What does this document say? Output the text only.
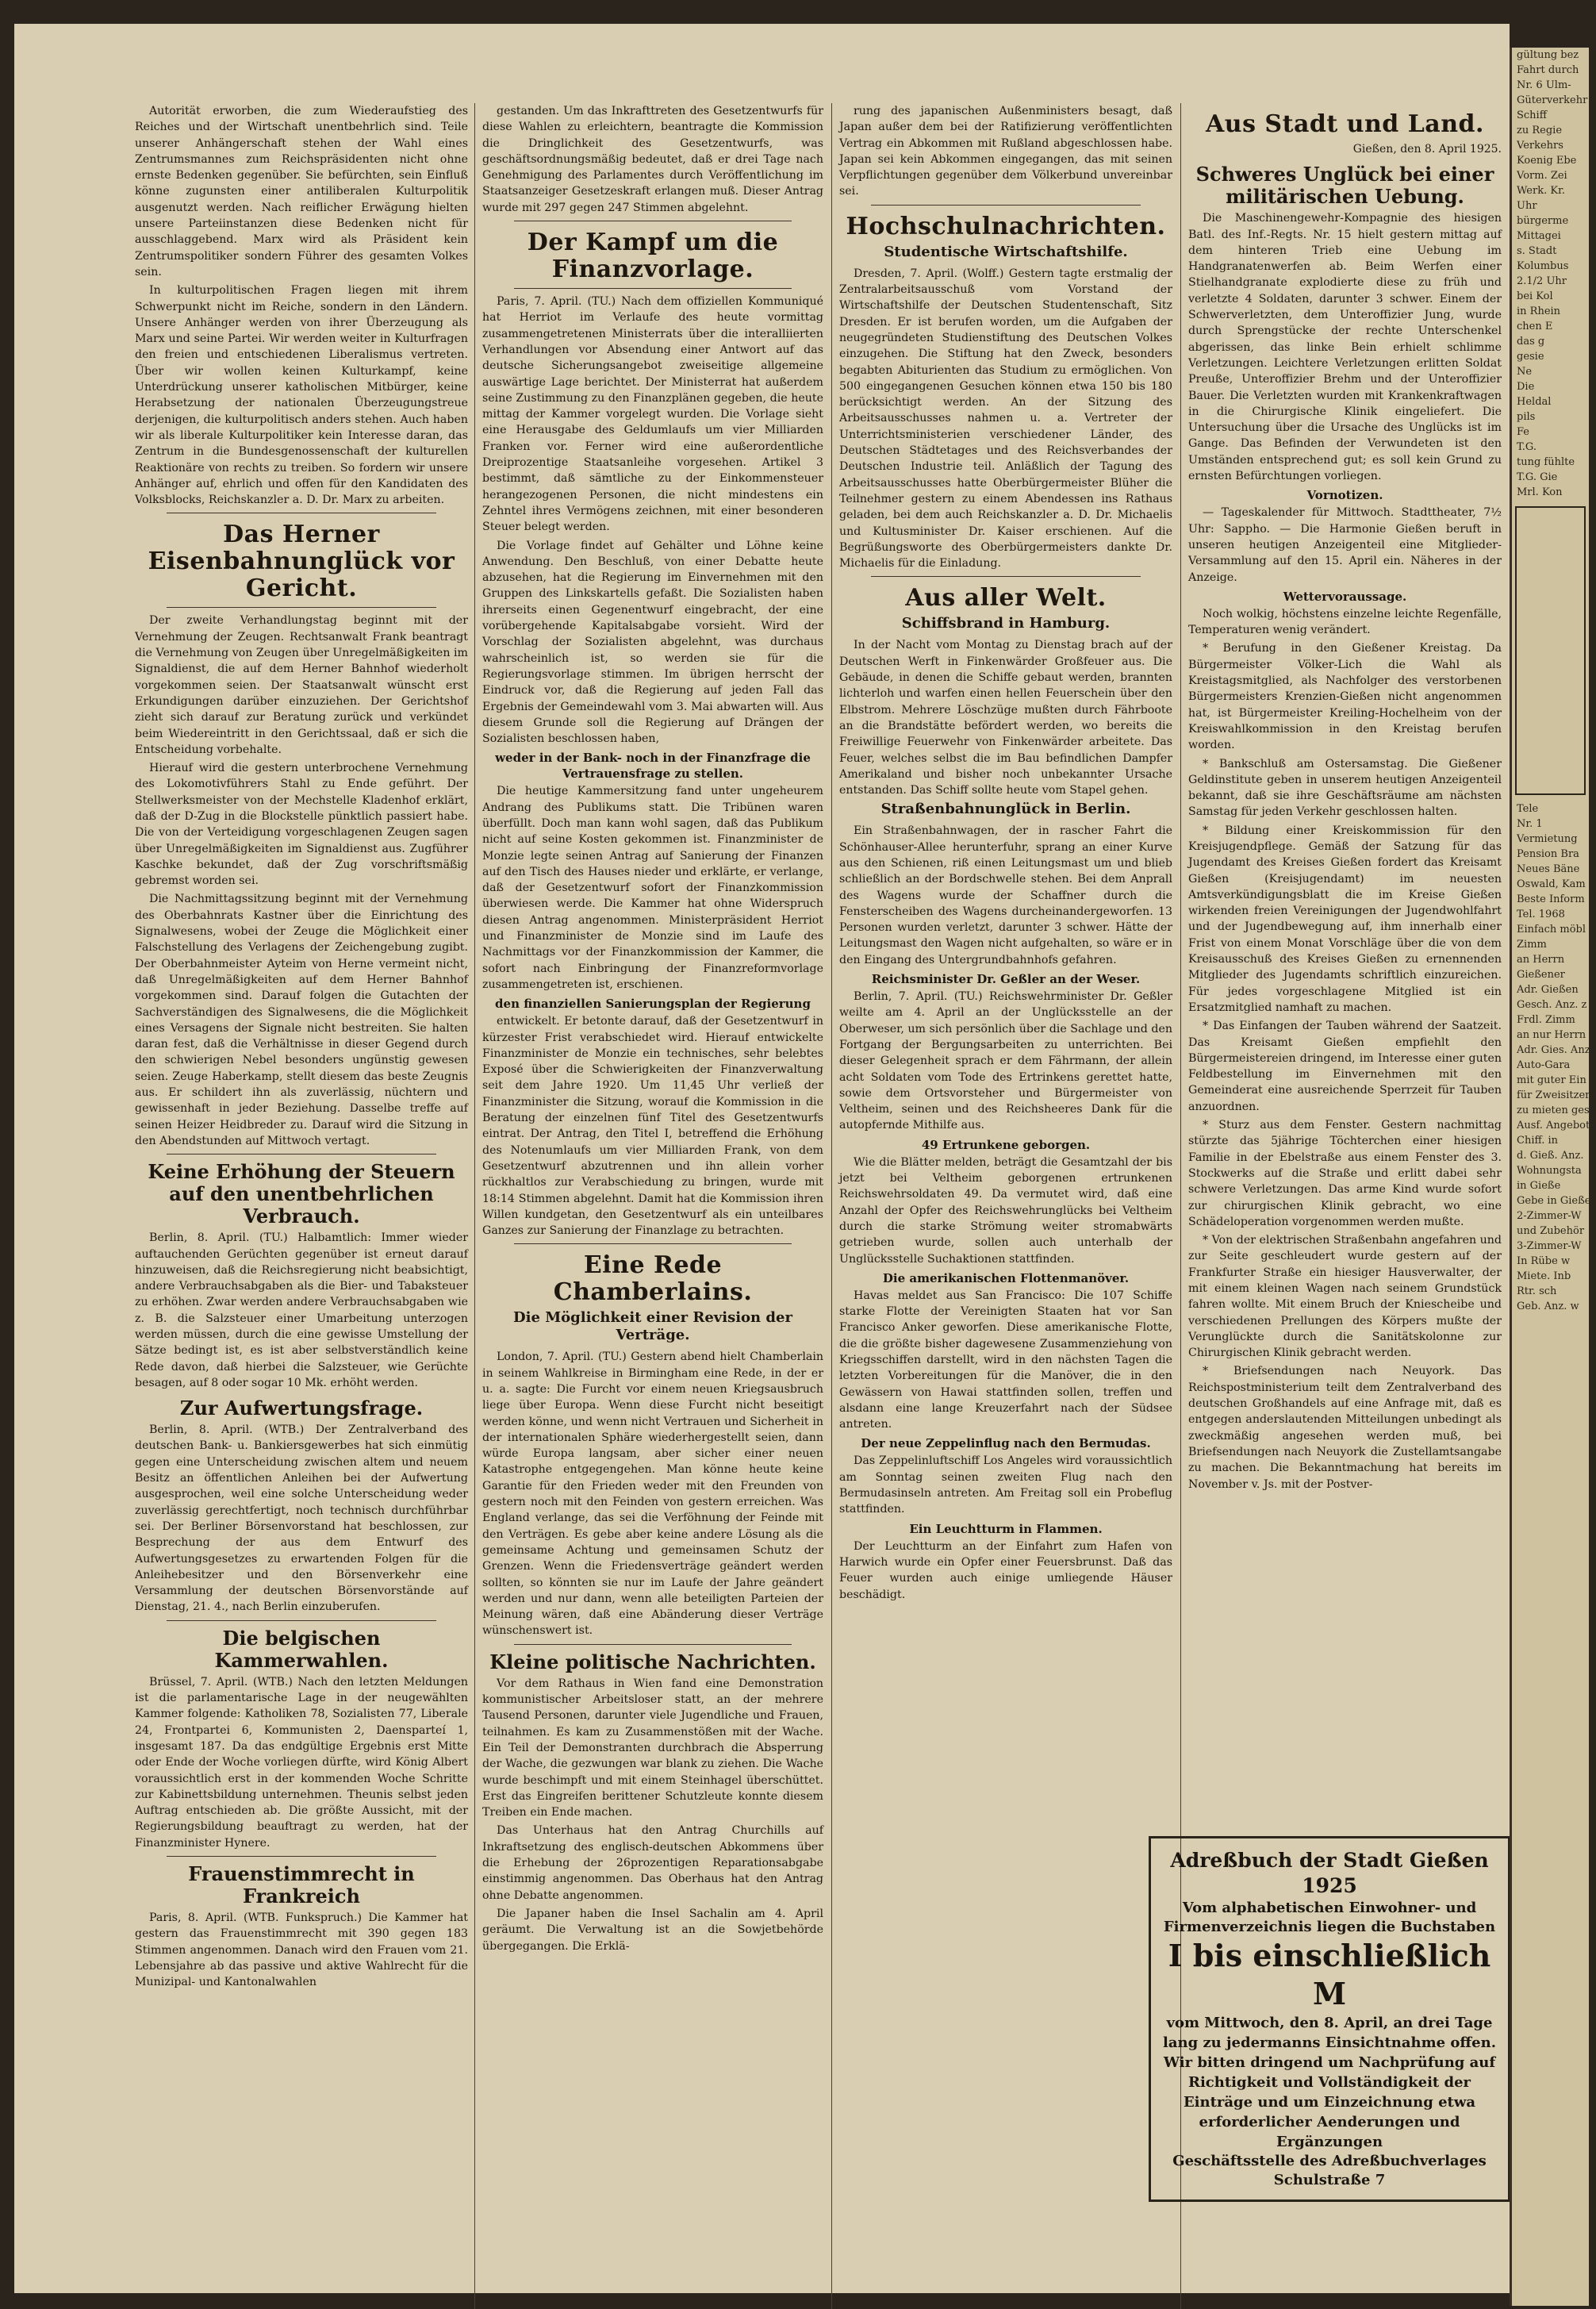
Autorität erworben, die zum Wiederaufstieg des Reiches und der Wirtschaft unentbehrlich sind. Teile unserer Anhängerschaft stehen der Wahl eines Zentrumsmannes zum Reichspräsidenten nicht ohne ernste Bedenken gegenüber. Sie befürchten, sein Einfluß könne zugunsten einer antiliberalen Kulturpolitik ausgenutzt werden. Nach reiflicher Erwägung hielten unsere Parteiinstanzen diese Bedenken nicht für ausschlaggebend. Marx wird als Präsident kein Zentrumspolitiker sondern Führer des gesamten Volkes sein.

In kulturpolitischen Fragen liegen mit ihrem Schwerpunkt nicht im Reiche, sondern in den Ländern. Unsere Anhänger werden von ihrer Überzeugung als Marx und seine Partei. Wir werden weiter in Kulturfragen den freien und entschiedenen Liberalismus vertreten. Über wir wollen keinen Kulturkampf, keine Unterdrückung unserer katholischen Mitbürger, keine Herabsetzung der nationalen Überzeugungstreue derjenigen, die kulturpolitisch anders stehen. Auch haben wir als liberale Kulturpolitiker kein Interesse daran, das Zentrum in die Bundesgenossenschaft der kulturellen Reaktionäre von rechts zu treiben. So fordern wir unsere Anhänger auf, ehrlich und offen für den Kandidaten des Volksblocks, Reichskanzler a. D. Dr. Marx zu arbeiten.

Das Herner Eisenbahnunglück vor Gericht.

Der zweite Verhandlungstag beginnt mit der Vernehmung der Zeugen. Rechtsanwalt Frank beantragt die Vernehmung von Zeugen über Unregelmäßigkeiten im Signaldienst, die auf dem Herner Bahnhof wiederholt vorgekommen seien. Der Staatsanwalt wünscht erst Erkundigungen darüber einzuziehen. Der Gerichtshof zieht sich darauf zur Beratung zurück und verkündet beim Wiedereintritt in den Gerichtssaal, daß er sich die Entscheidung vorbehalte.

Hierauf wird die gestern unterbrochene Vernehmung des Lokomotivführers Stahl zu Ende geführt. Der Stellwerksmeister von der Mechstelle Kladenhof erklärt, daß der D-Zug in die Blockstelle pünktlich passiert habe. Die von der Verteidigung vorgeschlagenen Zeugen sagen über Unregelmäßigkeiten im Signaldienst aus. Zugführer Kaschke bekundet, daß der Zug vorschriftsmäßig gebremst worden sei.

Die Nachmittagssitzung beginnt mit der Vernehmung des Oberbahnrats Kastner über die Einrichtung des Signalwesens, wobei der Zeuge die Möglichkeit einer Falschstellung des Verlagens der Zeichengebung zugibt. Der Oberbahnmeister Ayteim von Herne vermeint nicht, daß Unregelmäßigkeiten auf dem Herner Bahnhof vorgekommen sind. Darauf folgen die Gutachten der Sachverständigen des Signalwesens, die die Möglichkeit eines Versagens der Signale nicht bestreiten. Sie halten daran fest, daß die Verhältnisse in dieser Gegend durch den schwierigen Nebel besonders ungünstig gewesen seien. Zeuge Haberkamp, stellt diesem das beste Zeugnis aus. Er schildert ihn als zuverlässig, nüchtern und gewissenhaft in jeder Beziehung. Dasselbe treffe auf seinen Heizer Heidbreder zu. Darauf wird die Sitzung in den Abendstunden auf Mittwoch vertagt.

Keine Erhöhung der Steuern auf den unentbehrlichen Verbrauch.

Berlin, 8. April. (TU.) Halbamtlich: Immer wieder auftauchenden Gerüchten gegenüber ist erneut darauf hinzuweisen, daß die Reichsregierung nicht beabsichtigt, andere Verbrauchsabgaben als die Bier- und Tabaksteuer zu erhöhen. Zwar werden andere Verbrauchsabgaben wie z. B. die Salzsteuer einer Umarbeitung unterzogen werden müssen, durch die eine gewisse Umstellung der Sätze bedingt ist, es ist aber selbstverständlich keine Rede davon, daß hierbei die Salzsteuer, wie Gerüchte besagen, auf 8 oder sogar 10 Mk. erhöht werden.

Zur Aufwertungsfrage.

Berlin, 8. April. (WTB.) Der Zentralverband des deutschen Bank- u. Bankiersgewerbes hat sich einmütig gegen eine Unterscheidung zwischen altem und neuem Besitz an öffentlichen Anleihen bei der Aufwertung ausgesprochen, weil eine solche Unterscheidung weder zuverlässig gerechtfertigt, noch technisch durchführbar sei. Der Berliner Börsenvorstand hat beschlossen, zur Besprechung der aus dem Entwurf des Aufwertungsgesetzes zu erwartenden Folgen für die Anleihebesitzer und den Börsenverkehr eine Versammlung der deutschen Börsenvorstände auf Dienstag, 21. 4., nach Berlin einzuberufen.

Die belgischen Kammerwahlen.

Brüssel, 7. April. (WTB.) Nach den letzten Meldungen ist die parlamentarische Lage in der neugewählten Kammer folgende: Katholiken 78, Sozialisten 77, Liberale 24, Frontpartei 6, Kommunisten 2, Daensparteí 1, insgesamt 187. Da das endgültige Ergebnis erst Mitte oder Ende der Woche vorliegen dürfte, wird König Albert voraussichtlich erst in der kommenden Woche Schritte zur Kabinettsbildung unternehmen. Theunis selbst jeden Auftrag entschieden ab. Die größte Aussicht, mit der Regierungsbildung beauftragt zu werden, hat der Finanzminister Hynere.

Frauenstimmrecht in Frankreich

Paris, 8. April. (WTB. Funkspruch.) Die Kammer hat gestern das Frauenstimmrecht mit 390 gegen 183 Stimmen angenommen. Danach wird den Frauen vom 21. Lebensjahre ab das passive und aktive Wahlrecht für die Munizipal- und Kantonalwahlen

gestanden. Um das Inkrafttreten des Gesetzentwurfs für diese Wahlen zu erleichtern, beantragte die Kommission die Dringlichkeit des Gesetzentwurfs, was geschäftsordnungsmäßig bedeutet, daß er drei Tage nach Genehmigung des Parlamentes durch Veröffentlichung im Staatsanzeiger Gesetzeskraft erlangen muß. Dieser Antrag wurde mit 297 gegen 247 Stimmen abgelehnt.

Der Kampf um die Finanzvorlage.

Paris, 7. April. (TU.) Nach dem offiziellen Kommuniqué hat Herriot im Verlaufe des heute vormittag zusammengetretenen Ministerrats über die interalliierten Verhandlungen vor Absendung einer Antwort auf das deutsche Sicherungsangebot zweiseitige allgemeine auswärtige Lage berichtet. Der Ministerrat hat außerdem seine Zustimmung zu den Finanzplänen gegeben, die heute mittag der Kammer vorgelegt wurden. Die Vorlage sieht eine Herausgabe des Geldumlaufs um vier Milliarden Franken vor. Ferner wird eine außerordentliche Dreiprozentige Staatsanleihe vorgesehen. Artikel 3 bestimmt, daß sämtliche zu der Einkommensteuer herangezogenen Personen, die nicht mindestens ein Zehntel ihres Vermögens zeichnen, mit einer besonderen Steuer belegt werden.

Die Vorlage findet auf Gehälter und Löhne keine Anwendung. Den Beschluß, von einer Debatte heute abzusehen, hat die Regierung im Einvernehmen mit den Gruppen des Linkskartells gefaßt. Die Sozialisten haben ihrerseits einen Gegenentwurf eingebracht, der eine vorübergehende Kapitalsabgabe vorsieht. Wird der Vorschlag der Sozialisten abgelehnt, was durchaus wahrscheinlich ist, so werden sie für die Regierungsvorlage stimmen. Im übrigen herrscht der Eindruck vor, daß die Regierung auf jeden Fall das Ergebnis der Gemeindewahl vom 3. Mai abwarten will. Aus diesem Grunde soll die Regierung auf Drängen der Sozialisten beschlossen haben,

weder in der Bank- noch in der Finanzfrage die Vertrauensfrage zu stellen.

Die heutige Kammersitzung fand unter ungeheurem Andrang des Publikums statt. Die Tribünen waren überfüllt. Doch man kann wohl sagen, daß das Publikum nicht auf seine Kosten gekommen ist. Finanzminister de Monzie legte seinen Antrag auf Sanierung der Finanzen auf den Tisch des Hauses nieder und erklärte, er verlange, daß der Gesetzentwurf sofort der Finanzkommission überwiesen werde. Die Kammer hat ohne Widerspruch diesen Antrag angenommen. Ministerpräsident Herriot und Finanzminister de Monzie sind im Laufe des Nachmittags vor der Finanzkommission der Kammer, die sofort nach Einbringung der Finanzreformvorlage zusammengetreten ist, erschienen.

den finanziellen Sanierungsplan der Regierung

entwickelt. Er betonte darauf, daß der Gesetzentwurf in kürzester Frist verabschiedet wird. Hierauf entwickelte Finanzminister de Monzie ein technisches, sehr belebtes Exposé über die Schwierigkeiten der Finanzverwaltung seit dem Jahre 1920. Um 11,45 Uhr verließ der Finanzminister die Sitzung, worauf die Kommission in die Beratung der einzelnen fünf Titel des Gesetzentwurfs eintrat. Der Antrag, den Titel I, betreffend die Erhöhung des Notenumlaufs um vier Milliarden Frank, von dem Gesetzentwurf abzutrennen und ihn allein vorher rückhaltlos zur Verabschiedung zu bringen, wurde mit 18:14 Stimmen abgelehnt. Damit hat die Kommission ihren Willen kundgetan, den Gesetzentwurf als ein unteilbares Ganzes zur Sanierung der Finanzlage zu betrachten.

Eine Rede Chamberlains.
Die Möglichkeit einer Revision der Verträge.

London, 7. April. (TU.) Gestern abend hielt Chamberlain in seinem Wahlkreise in Birmingham eine Rede, in der er u. a. sagte: Die Furcht vor einem neuen Kriegsausbruch liege über Europa. Wenn diese Furcht nicht beseitigt werden könne, und wenn nicht Vertrauen und Sicherheit in der internationalen Sphäre wiederhergestellt seien, dann würde Europa langsam, aber sicher einer neuen Katastrophe entgegengehen. Man könne heute keine Garantie für den Frieden weder mit den Freunden von gestern noch mit den Feinden von gestern erreichen. Was England verlange, das sei die Verföhnung der Feinde mit den Verträgen. Es gebe aber keine andere Lösung als die gemeinsame Achtung und gemeinsamen Schutz der Grenzen. Wenn die Friedensverträge geändert werden sollten, so könnten sie nur im Laufe der Jahre geändert werden und nur dann, wenn alle beteiligten Parteien der Meinung wären, daß eine Abänderung dieser Verträge wünschenswert ist.

Kleine politische Nachrichten.

Vor dem Rathaus in Wien fand eine Demonstration kommunistischer Arbeitsloser statt, an der mehrere Tausend Personen, darunter viele Jugendliche und Frauen, teilnahmen. Es kam zu Zusammenstößen mit der Wache. Ein Teil der Demonstranten durchbrach die Absperrung der Wache, die gezwungen war blank zu ziehen. Die Wache wurde beschimpft und mit einem Steinhagel überschüttet. Erst das Eingreifen berittener Schutzleute konnte diesem Treiben ein Ende machen.

Das Unterhaus hat den Antrag Churchills auf Inkraftsetzung des englisch-deutschen Abkommens über die Erhebung der 26prozentigen Reparationsabgabe einstimmig angenommen. Das Oberhaus hat den Antrag ohne Debatte angenommen.

Die Japaner haben die Insel Sachalin am 4. April geräumt. Die Verwaltung ist an die Sowjetbehörde übergegangen. Die Erklä-

rung des japanischen Außenministers besagt, daß Japan außer dem bei der Ratifizierung veröffentlichten Vertrag ein Abkommen mit Rußland abgeschlossen habe. Japan sei kein Abkommen eingegangen, das mit seinen Verpflichtungen gegenüber dem Völkerbund unvereinbar sei.

Hochschulnachrichten.
Studentische Wirtschaftshilfe.

Dresden, 7. April. (Wolff.) Gestern tagte erstmalig der Zentralarbeitsausschuß vom Vorstand der Wirtschaftshilfe der Deutschen Studentenschaft, Sitz Dresden. Er ist berufen worden, um die Aufgaben der neugegründeten Studienstiftung des Deutschen Volkes einzugehen. Die Stiftung hat den Zweck, besonders begabten Abiturienten das Studium zu ermöglichen. Von 500 eingegangenen Gesuchen können etwa 150 bis 180 berücksichtigt werden. An der Sitzung des Arbeitsausschusses nahmen u. a. Vertreter der Unterrichtsministerien verschiedener Länder, des Deutschen Städtetages und des Reichsverbandes der Deutschen Industrie teil. Anläßlich der Tagung des Arbeitsausschusses hatte Oberbürgermeister Blüher die Teilnehmer gestern zu einem Abendessen ins Rathaus geladen, bei dem auch Reichskanzler a. D. Dr. Michaelis und Kultusminister Dr. Kaiser erschienen. Auf die Begrüßungsworte des Oberbürgermeisters dankte Dr. Michaelis für die Einladung.

Aus aller Welt.
Schiffsbrand in Hamburg.

In der Nacht vom Montag zu Dienstag brach auf der Deutschen Werft in Finkenwärder Großfeuer aus. Die Gebäude, in denen die Schiffe gebaut werden, brannten lichterloh und warfen einen hellen Feuerschein über den Elbstrom. Mehrere Löschzüge mußten durch Fährboote an die Brandstätte befördert werden, wo bereits die Freiwillige Feuerwehr von Finkenwärder arbeitete. Das Feuer, welches selbst die im Bau befindlichen Dampfer Amerikaland und bisher noch unbekannter Ursache entstanden. Das Schiff sollte heute vom Stapel gehen.

Straßenbahnunglück in Berlin.

Ein Straßenbahnwagen, der in rascher Fahrt die Schönhauser-Allee herunterfuhr, sprang an einer Kurve aus den Schienen, riß einen Leitungsmast um und blieb schließlich an der Bordschwelle stehen. Bei dem Anprall des Wagens wurde der Schaffner durch die Fensterscheiben des Wagens durcheinandergeworfen. 13 Personen wurden verletzt, darunter 3 schwer. Hätte der Leitungsmast den Wagen nicht aufgehalten, so wäre er in den Eingang des Untergrundbahnhofs gefahren.

Reichsminister Dr. Geßler an der Weser.

Berlin, 7. April. (TU.) Reichswehrminister Dr. Geßler weilte am 4. April an der Unglücksstelle an der Oberweser, um sich persönlich über die Sachlage und den Fortgang der Bergungsarbeiten zu unterrichten. Bei dieser Gelegenheit sprach er dem Fährmann, der allein acht Soldaten vom Tode des Ertrinkens gerettet hatte, sowie dem Ortsvorsteher und Bürgermeister von Veltheim, seinen und des Reichsheeres Dank für die autopfernde Mithilfe aus.

49 Ertrunkene geborgen.

Wie die Blätter melden, beträgt die Gesamtzahl der bis jetzt bei Veltheim geborgenen ertrunkenen Reichswehrsoldaten 49. Da vermutet wird, daß eine Anzahl der Opfer des Reichswehrunglücks bei Veltheim durch die starke Strömung weiter stromabwärts getrieben wurde, sollen auch unterhalb der Unglücksstelle Suchaktionen stattfinden.

Die amerikanischen Flottenmanöver.

Havas meldet aus San Francisco: Die 107 Schiffe starke Flotte der Vereinigten Staaten hat vor San Francisco Anker geworfen. Diese amerikanische Flotte, die die größte bisher dagewesene Zusammenziehung von Kriegsschiffen darstellt, wird in den nächsten Tagen die letzten Vorbereitungen für die Manöver, die in den Gewässern von Hawai stattfinden sollen, treffen und alsdann eine lange Kreuzerfahrt nach der Südsee antreten.

Der neue Zeppelinflug nach den Bermudas.

Das Zeppelinluftschiff Los Angeles wird voraussichtlich am Sonntag seinen zweiten Flug nach den Bermudasinseln antreten. Am Freitag soll ein Probeflug stattfinden.

Ein Leuchtturm in Flammen.

Der Leuchtturm an der Einfahrt zum Hafen von Harwich wurde ein Opfer einer Feuersbrunst. Daß das Feuer wurden auch einige umliegende Häuser beschädigt.

Aus Stadt und Land.
Gießen, den 8. April 1925.
Schweres Unglück bei einer militärischen Uebung.

Die Maschinengewehr-Kompagnie des hiesigen Batl. des Inf.-Regts. Nr. 15 hielt gestern mittag auf dem hinteren Trieb eine Uebung im Handgranatenwerfen ab. Beim Werfen einer Stielhandgranate explodierte diese zu früh und verletzte 4 Soldaten, darunter 3 schwer. Einem der Schwerverletzten, dem Unteroffizier Jung, wurde durch Sprengstücke der rechte Unterschenkel abgerissen, das linke Bein erhielt schlimme Verletzungen. Leichtere Verletzungen erlitten Soldat Preuße, Unteroffizier Brehm und der Unteroffizier Bauer. Die Verletzten wurden mit Krankenkraftwagen in die Chirurgische Klinik eingeliefert. Die Untersuchung über die Ursache des Unglücks ist im Gange. Das Befinden der Verwundeten ist den Umständen entsprechend gut; es soll kein Grund zu ernsten Befürchtungen vorliegen.

Vornotizen.

— Tageskalender für Mittwoch. Stadttheater, 7½ Uhr: Sappho. — Die Harmonie Gießen beruft in unseren heutigen Anzeigenteil eine Mitglieder-Versammlung auf den 15. April ein. Näheres in der Anzeige.

Wettervoraussage.

Noch wolkig, höchstens einzelne leichte Regenfälle, Temperaturen wenig verändert.

* Berufung in den Gießener Kreistag. Da Bürgermeister Völker-Lich die Wahl als Kreistagsmitglied, als Nachfolger des verstorbenen Bürgermeisters Krenzien-Gießen nicht angenommen hat, ist Bürgermeister Kreiling-Hochelheim von der Kreiswahlkommission in den Kreistag berufen worden.

* Bankschluß am Ostersamstag. Die Gießener Geldinstitute geben in unserem heutigen Anzeigenteil bekannt, daß sie ihre Geschäftsräume am nächsten Samstag für jeden Verkehr geschlossen halten.

* Bildung einer Kreiskommission für den Kreisjugendpflege. Gemäß der Satzung für das Jugendamt des Kreises Gießen fordert das Kreisamt Gießen (Kreisjugendamt) im neuesten Amtsverkündigungsblatt die im Kreise Gießen wirkenden freien Vereinigungen der Jugendwohlfahrt und der Jugendbewegung auf, ihm innerhalb einer Frist von einem Monat Vorschläge über die von dem Kreisausschuß des Kreises Gießen zu ernennenden Mitglieder des Jugendamts schriftlich einzureichen. Für jedes vorgeschlagene Mitglied ist ein Ersatzmitglied namhaft zu machen.

* Das Einfangen der Tauben während der Saatzeit. Das Kreisamt Gießen empfiehlt den Bürgermeistereien dringend, im Interesse einer guten Feldbestellung im Einvernehmen mit den Gemeinderat eine ausreichende Sperrzeit für Tauben anzuordnen.

* Sturz aus dem Fenster. Gestern nachmittag stürzte das 5jährige Töchterchen einer hiesigen Familie in der Ebelstraße aus einem Fenster des 3. Stockwerks auf die Straße und erlitt dabei sehr schwere Verletzungen. Das arme Kind wurde sofort zur chirurgischen Klinik gebracht, wo eine Schädeloperation vorgenommen werden mußte.

* Von der elektrischen Straßenbahn angefahren und zur Seite geschleudert wurde gestern auf der Frankfurter Straße ein hiesiger Hausverwalter, der mit einem kleinen Wagen nach seinem Grundstück fahren wollte. Mit einem Bruch der Kniescheibe und verschiedenen Prellungen des Körpers mußte der Verunglückte durch die Sanitätskolonne zur Chirurgischen Klinik gebracht werden.

* Briefsendungen nach Neuyork. Das Reichspostministerium teilt dem Zentralverband des deutschen Großhandels auf eine Anfrage mit, daß es entgegen anderslautenden Mitteilungen unbedingt als zweckmäßig angesehen werden muß, bei Briefsendungen nach Neuyork die Zustellamtsangabe zu machen. Die Bekanntmachung hat bereits im November v. Js. mit der Postver-

Adreßbuch der Stadt Gießen 1925
Vom alphabetischen Einwohner- und Firmenverzeichnis liegen die Buchstaben
I bis einschließlich M
vom Mittwoch, den 8. April, an drei Tage lang zu jedermanns Einsichtnahme offen.
Wir bitten dringend um Nachprüfung auf Richtigkeit und Vollständigkeit der Einträge und um Einzeichnung etwa erforderlicher Aenderungen und Ergänzungen
Geschäftsstelle des Adreßbuchverlages
Schulstraße 7
gültung bez
Fahrt durch
Nr. 6 Ulm-
Güterverkehr
Schiff
zu Regie
Verkehrs
Koenig Ebe
Vorm. Zei
Werk. Kr.
Uhr
bürgerme
Mittagei
s. Stadt
Kolumbus
2.1/2 Uhr
bei Kol
in Rhein
chen E
das g
gesie
Ne
Die
Heldal
pils
Fe
T.G.
tung fühlte
T.G. Gie
Mrl. Kon
Tele
Nr. 1
Vermietung
Pension Bra
Neues Bäne
Oswald, Kam
Beste Inform
Tel. 1968
Einfach möbl
Zimm
an Herrn
Gießener
Adr. Gießen
Gesch. Anz. z
Frdl. Zimm
an nur Herrn
Adr. Gies. Anz
Auto-Gara
mit guter Ein
für Zweisitzer
zu mieten ges
Ausf. Angebote
Chiff. in
d. Gieß. Anz.
Wohnungsta
in Gieße
Gebe in Gieße
2-Zimmer-W
und Zubehör
3-Zimmer-W
In Rübe w
Miete. Inb
Rtr. sch
Geb. Anz. w
